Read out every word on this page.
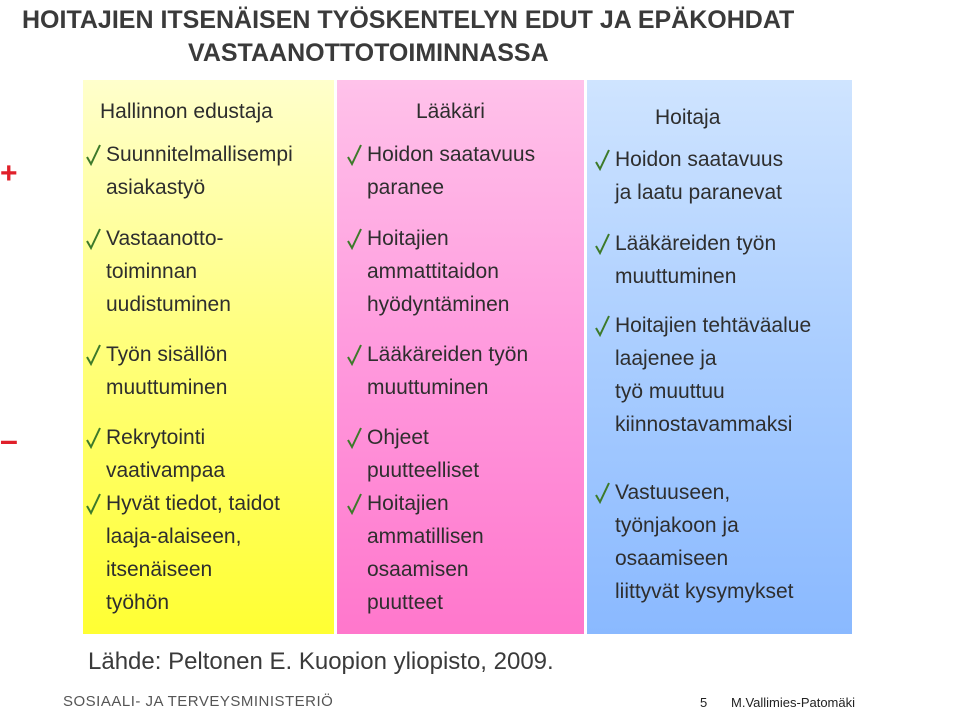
HOITAJIEN ITSENÄISEN TYÖSKENTELYN EDUT JA EPÄKOHDAT
VASTAANOTTOTOIMINNASSA
+
–
Hallinnon edustaja
Suunnitelmallisempi
asiakastyö
Vastaanotto-
toiminnan
uudistuminen
Työn sisällön
muuttuminen
Rekrytointi
vaativampaa
Hyvät tiedot, taidot
laaja-alaiseen,
itsenäiseen
työhön
Lääkäri
Hoidon saatavuus
paranee
Hoitajien
ammattitaidon
hyödyntäminen
Lääkäreiden työn
muuttuminen
Ohjeet
puutteelliset
Hoitajien
ammatillisen
osaamisen
puutteet
Hoitaja
Hoidon saatavuus
ja laatu paranevat
Lääkäreiden työn
muuttuminen
Hoitajien tehtäväalue
laajenee ja
työ muuttuu
kiinnostavammaksi
Vastuuseen,
työnjakoon ja
osaamiseen
liittyvät kysymykset
Lähde: Peltonen E. Kuopion yliopisto, 2009.
SOSIAALI- JA TERVEYSMINISTERIÖ	5 M.Vallimies-Patomäki
